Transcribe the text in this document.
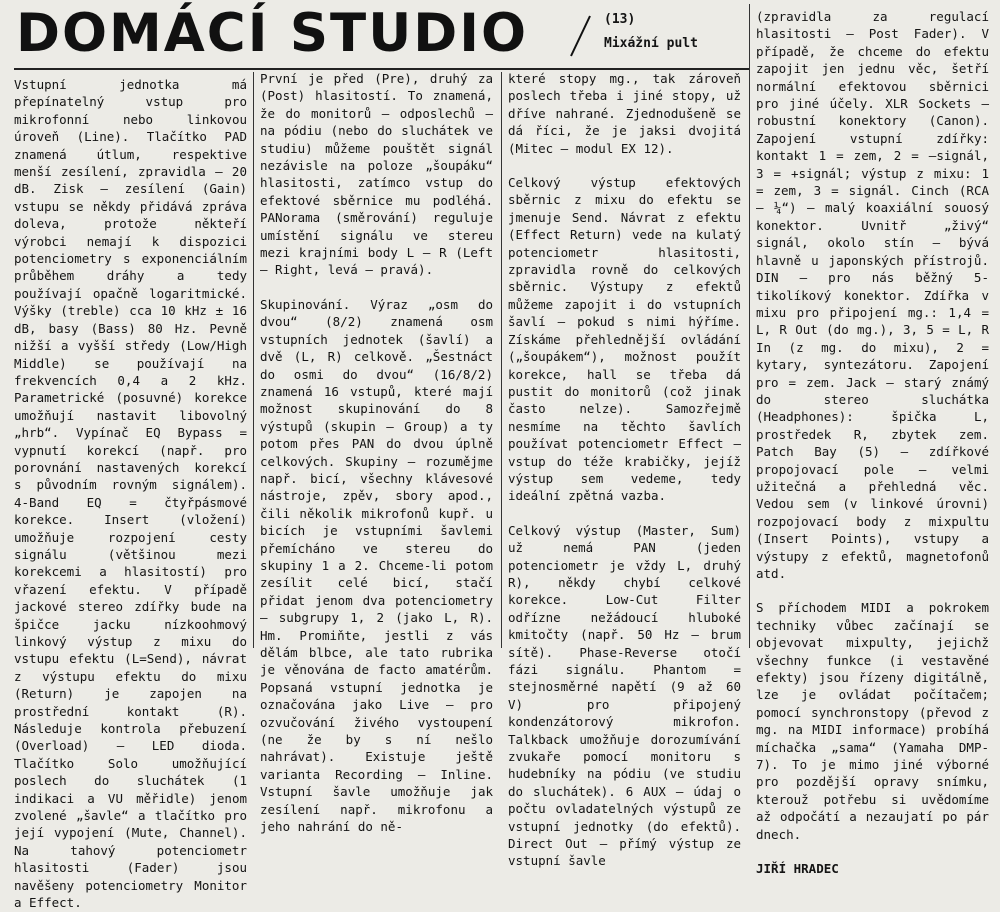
DOMÁCÍ STUDIO	(13)
Mixážní pult

Vstupní jednotka má přepínatelný vstup pro mikrofonní nebo linkovou úroveň (Line). Tlačítko PAD znamená útlum, respektive menší zesílení, zpravidla — 20 dB. Zisk — zesílení (Gain) vstupu se někdy přidává zpráva doleva, protože někteří výrobci nemají k dispozici potenciometry s exponenciálním průběhem dráhy a tedy používají opačně logaritmické. Výšky (treble) cca 10 kHz ± 16 dB, basy (Bass) 80 Hz. Pevně nižší a vyšší středy (Low/High Middle) se používají na frekvencích 0,4 a 2 kHz. Parametrické (posuvné) korekce umožňují nastavit libovolný „hrb“. Vypínač EQ Bypass = vypnutí korekcí (např. pro porovnání nastavených korekcí s původním rovným signálem). 4-Band EQ = čtyřpásmové korekce. Insert (vložení) umožňuje rozpojení cesty signálu (většinou mezi korekcemi a hlasitostí) pro vřazení efektu. V případě jackové stereo zdířky bude na špičce jacku nízkoohmový linkový výstup z mixu do vstupu efektu (L=Send), návrat z výstupu efektu do mixu (Return) je zapojen na prostřední kontakt (R). Následuje kontrola přebuzení (Overload) — LED dioda. Tlačítko Solo umožňující poslech do sluchátek (1 indikaci a VU měřidle) jenom zvolené „šavle“ a tlačítko pro její vypojení (Mute, Channel). Na tahový potenciometr hlasitosti (Fader) jsou navěšeny potenciometry Monitor a Effect.

První je před (Pre), druhý za (Post) hlasitostí. To znamená, že do monitorů — odposlechů — na pódiu (nebo do sluchátek ve studiu) můžeme pouštět signál nezávisle na poloze „šoupáku“ hlasitosti, zatímco vstup do efektové sběrnice mu podléhá. PANorama (směrování) reguluje umístění signálu ve stereu mezi krajními body L — R (Left — Right, levá — pravá).

Skupinování. Výraz „osm do dvou“ (8/2) znamená osm vstupních jednotek (šavlí) a dvě (L, R) celkově. „Šestnáct do osmi do dvou“ (16/8/2) znamená 16 vstupů, které mají možnost skupinování do 8 výstupů (skupin — Group) a ty potom přes PAN do dvou úplně celkových. Skupiny — rozumějme např. bicí, všechny klávesové nástroje, zpěv, sbory apod., čili několik mikrofonů kupř. u bicích je vstupními šavlemi přemícháno ve stereu do skupiny 1 a 2. Chceme-li potom zesílit celé bicí, stačí přidat jenom dva potenciometry — subgrupy 1, 2 (jako L, R). Hm. Promiňte, jestli z vás dělám blbce, ale tato rubrika je věnována de facto amatérům. Popsaná vstupní jednotka je označována jako Live — pro ozvučování živého vystoupení (ne že by s ní nešlo nahrávat). Existuje ještě varianta Recording — Inline. Vstupní šavle umožňuje jak zesílení např. mikrofonu a jeho nahrání do ně-

které stopy mg., tak zároveň poslech třeba i jiné stopy, už dříve nahrané. Zjednodušeně se dá říci, že je jaksi dvojitá (Mitec — modul EX 12).

Celkový výstup efektových sběrnic z mixu do efektu se jmenuje Send. Návrat z efektu (Effect Return) vede na kulatý potenciometr hlasitosti, zpravidla rovně do celkových sběrnic. Výstupy z efektů můžeme zapojit i do vstupních šavlí — pokud s nimi hýříme. Získáme přehlednější ovládání („šoupákem“), možnost použít korekce, hall se třeba dá pustit do monitorů (což jinak často nelze). Samozřejmě nesmíme na těchto šavlích používat potenciometr Effect — vstup do téže krabičky, jejíž výstup sem vedeme, tedy ideální zpětná vazba.

Celkový výstup (Master, Sum) už nemá PAN (jeden potenciometr je vždy L, druhý R), někdy chybí celkové korekce. Low-Cut Filter odřízne nežádoucí hluboké kmitočty (např. 50 Hz — brum sítě). Phase-Reverse otočí fázi signálu. Phantom = stejnosměrné napětí (9 až 60 V) pro připojený kondenzátorový mikrofon. Talkback umožňuje dorozumívání zvukaře pomocí monitoru s hudebníky na pódiu (ve studiu do sluchátek). 6 AUX — údaj o počtu ovladatelných výstupů ze vstupní jednotky (do efektů). Direct Out — přímý výstup ze vstupní šavle

(zpravidla za regulací hlasitosti — Post Fader). V případě, že chceme do efektu zapojit jen jednu věc, šetří normální efektovou sběrnici pro jiné účely. XLR Sockets — robustní konektory (Canon). Zapojení vstupní zdířky: kontakt 1 = zem, 2 = —signál, 3 = +signál; výstup z mixu: 1 = zem, 3 = signál. Cinch (RCA — ¼“) — malý koaxiální souosý konektor. Uvnitř „živý“ signál, okolo stín — bývá hlavně u japonských přístrojů. DIN — pro nás běžný 5-tikolíkový konektor. Zdířka v mixu pro připojení mg.: 1,4 = L, R Out (do mg.), 3, 5 = L, R In (z mg. do mixu), 2 = kytary, syntezátoru. Zapojení pro = zem. Jack — starý známý do stereo sluchátka (Headphones): špička L, prostředek R, zbytek zem. Patch Bay (5) — zdířkové propojovací pole — velmi užitečná a přehledná věc. Vedou sem (v linkové úrovni) rozpojovací body z mixpultu (Insert Points), vstupy a výstupy z efektů, magnetofonů atd.

S příchodem MIDI a pokrokem techniky vůbec začínají se objevovat mixpulty, jejichž všechny funkce (i vestavěné efekty) jsou řízeny digitálně, lze je ovládat počítačem; pomocí synchronstopy (převod z mg. na MIDI informace) probíhá míchačka „sama“ (Yamaha DMP-7). To je mimo jiné výborné pro pozdější opravy snímku, kterouž potřebu si uvědomíme až odpočátí a nezaujatí po pár dnech.

JIŘÍ HRADEC
